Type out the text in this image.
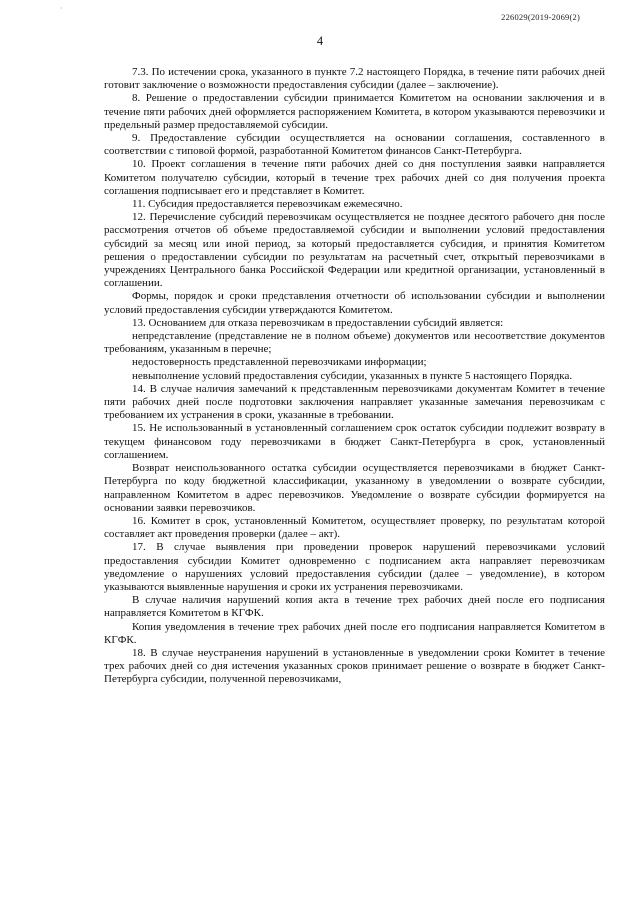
·
226029(2019-2069(2)
4

7.3. По истечении срока, указанного в пункте 7.2 настоящего Порядка, в течение пяти рабочих дней готовит заключение о возможности предоставления субсидии (далее – заключение).

8. Решение о предоставлении субсидии принимается Комитетом на основании заключения и в течение пяти рабочих дней оформляется распоряжением Комитета, в котором указываются перевозчики и предельный размер предоставляемой субсидии.

9. Предоставление субсидии осуществляется на основании соглашения, составленного в соответствии с типовой формой, разработанной Комитетом финансов Санкт-Петербурга.

10. Проект соглашения в течение пяти рабочих дней со дня поступления заявки направляется Комитетом получателю субсидии, который в течение трех рабочих дней со дня получения проекта соглашения подписывает его и представляет в Комитет.

11. Субсидия предоставляется перевозчикам ежемесячно.

12. Перечисление субсидий перевозчикам осуществляется не позднее десятого рабочего дня после рассмотрения отчетов об объеме предоставляемой субсидии и выполнении условий предоставления субсидий за месяц или иной период, за который предоставляется субсидия, и принятия Комитетом решения о предоставлении субсидии по результатам на расчетный счет, открытый перевозчиками в учреждениях Центрального банка Российской Федерации или кредитной организации, установленный в соглашении.

Формы, порядок и сроки представления отчетности об использовании субсидии и выполнении условий предоставления субсидии утверждаются Комитетом.

13. Основанием для отказа перевозчикам в предоставлении субсидий является:

непредставление (представление не в полном объеме) документов или несоответствие документов требованиям, указанным в перечне;

недостоверность представленной перевозчиками информации;

невыполнение условий предоставления субсидии, указанных в пункте 5 настоящего Порядка.

14. В случае наличия замечаний к представленным перевозчиками документам Комитет в течение пяти рабочих дней после подготовки заключения направляет указанные замечания перевозчикам с требованием их устранения в сроки, указанные в требовании.

15. Не использованный в установленный соглашением срок остаток субсидии подлежит возврату в текущем финансовом году перевозчиками в бюджет Санкт-Петербурга в срок, установленный соглашением.

Возврат неиспользованного остатка субсидии осуществляется перевозчиками в бюджет Санкт-Петербурга по коду бюджетной классификации, указанному в уведомлении о возврате субсидии, направленном Комитетом в адрес перевозчиков. Уведомление о возврате субсидии формируется на основании заявки перевозчиков.

16. Комитет в срок, установленный Комитетом, осуществляет проверку, по результатам которой составляет акт проведения проверки (далее – акт).

17. В случае выявления при проведении проверок нарушений перевозчиками условий предоставления субсидии Комитет одновременно с подписанием акта направляет перевозчикам уведомление о нарушениях условий предоставления субсидии (далее – уведомление), в котором указываются выявленные нарушения и сроки их устранения перевозчиками.

В случае наличия нарушений копия акта в течение трех рабочих дней после его подписания направляется Комитетом в КГФК.

Копия уведомления в течение трех рабочих дней после его подписания направляется Комитетом в КГФК.

18. В случае неустранения нарушений в установленные в уведомлении сроки Комитет в течение трех рабочих дней со дня истечения указанных сроков принимает решение о возврате в бюджет Санкт-Петербурга субсидии, полученной перевозчиками,
